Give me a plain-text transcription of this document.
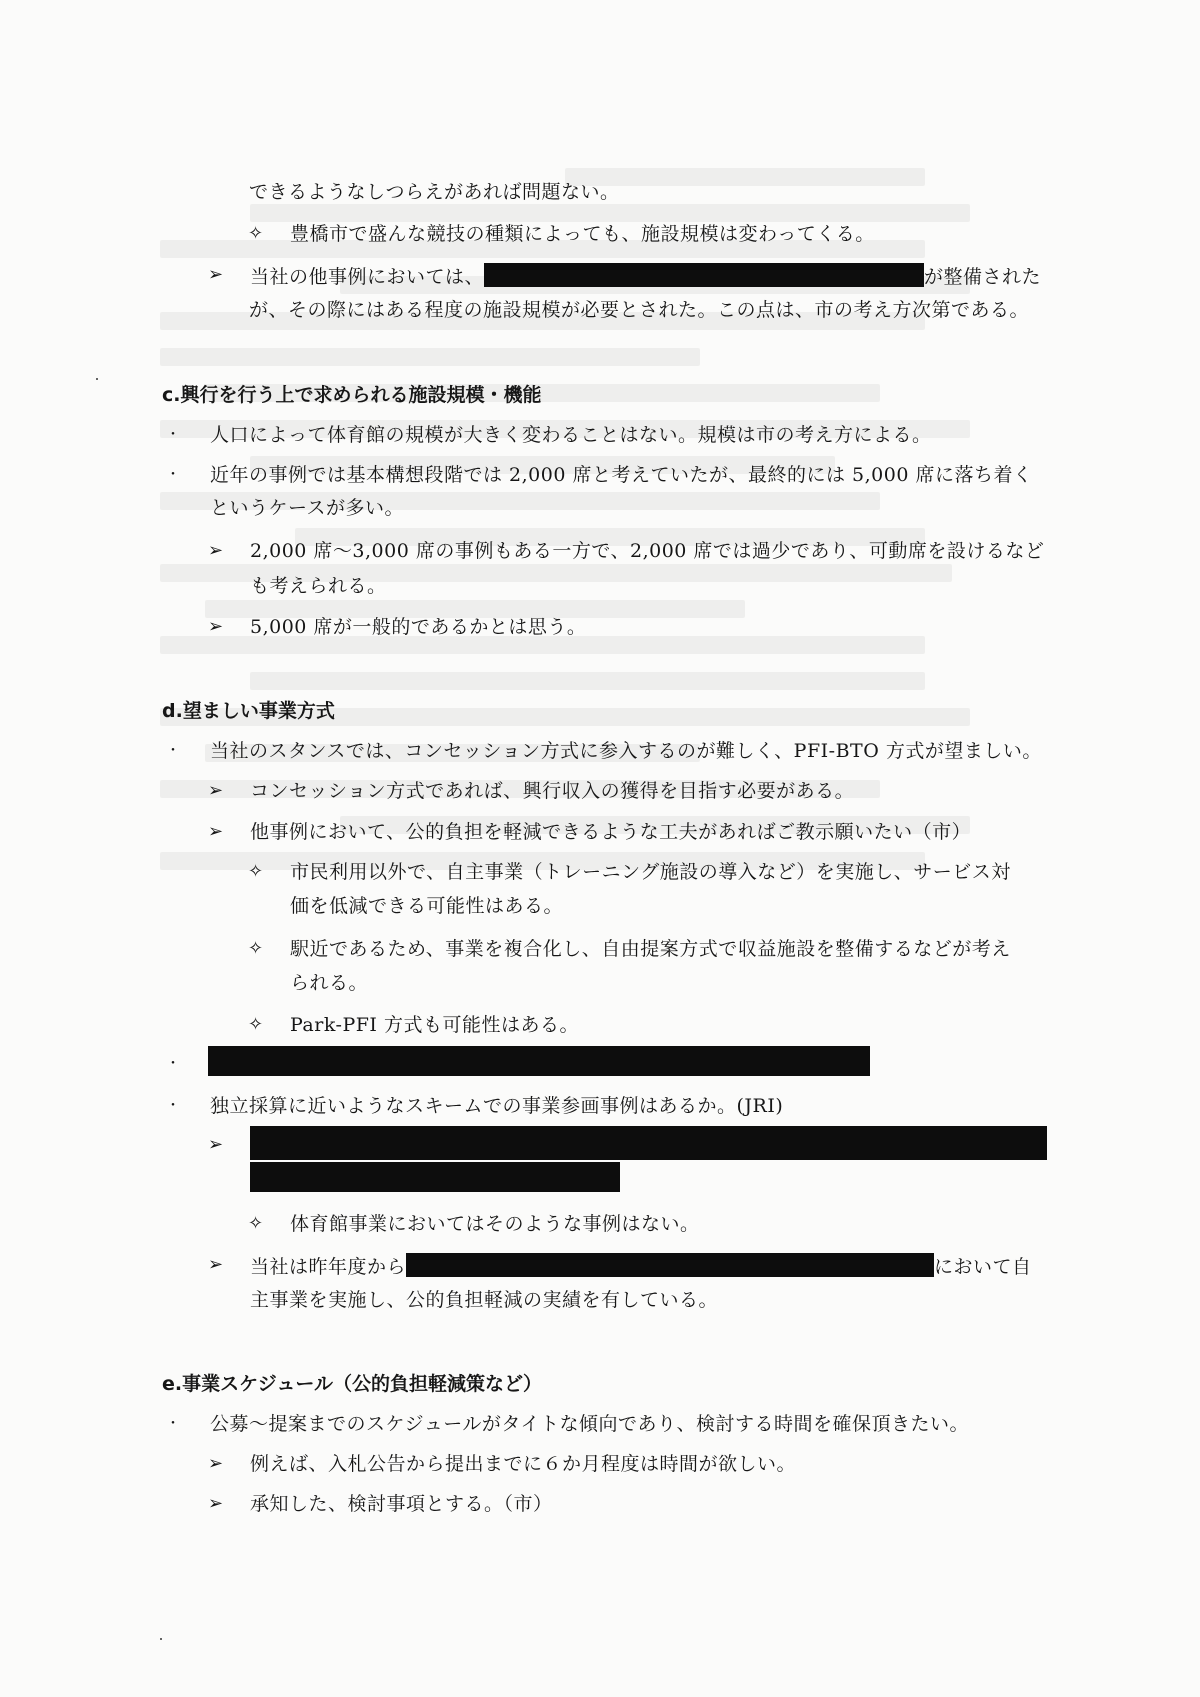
できるようなしつらえがあれば問題ない。
✧ 豊橋市で盛んな競技の種類によっても、施設規模は変わってくる。
➢ 当社の他事例においては、	が整備された
が、その際にはある程度の施設規模が必要とされた。この点は、市の考え方次第である。
c.興行を行う上で求められる施設規模・機能
・ 人口によって体育館の規模が大きく変わることはない。規模は市の考え方による。
・ 近年の事例では基本構想段階では 2,000 席と考えていたが、最終的には 5,000 席に落ち着く
というケースが多い。
➢ 2,000 席～3,000 席の事例もある一方で、2,000 席では過少であり、可動席を設けるなど
も考えられる。
➢ 5,000 席が一般的であるかとは思う。
d.望ましい事業方式
・ 当社のスタンスでは、コンセッション方式に参入するのが難しく、PFI-BTO 方式が望ましい。
➢ コンセッション方式であれば、興行収入の獲得を目指す必要がある。
➢ 他事例において、公的負担を軽減できるような工夫があればご教示願いたい（市）
✧ 市民利用以外で、自主事業（トレーニング施設の導入など）を実施し、サービス対
価を低減できる可能性はある。
✧ 駅近であるため、事業を複合化し、自由提案方式で収益施設を整備するなどが考え
られる。
✧ Park-PFI 方式も可能性はある。
・
・ 独立採算に近いようなスキームでの事業参画事例はあるか。(JRI)
➢
✧ 体育館事業においてはそのような事例はない。
➢ 当社は昨年度から	において自
主事業を実施し、公的負担軽減の実績を有している。
e.事業スケジュール（公的負担軽減策など）
・ 公募～提案までのスケジュールがタイトな傾向であり、検討する時間を確保頂きたい。
➢ 例えば、入札公告から提出までに６か月程度は時間が欲しい。
➢ 承知した、検討事項とする。（市）
